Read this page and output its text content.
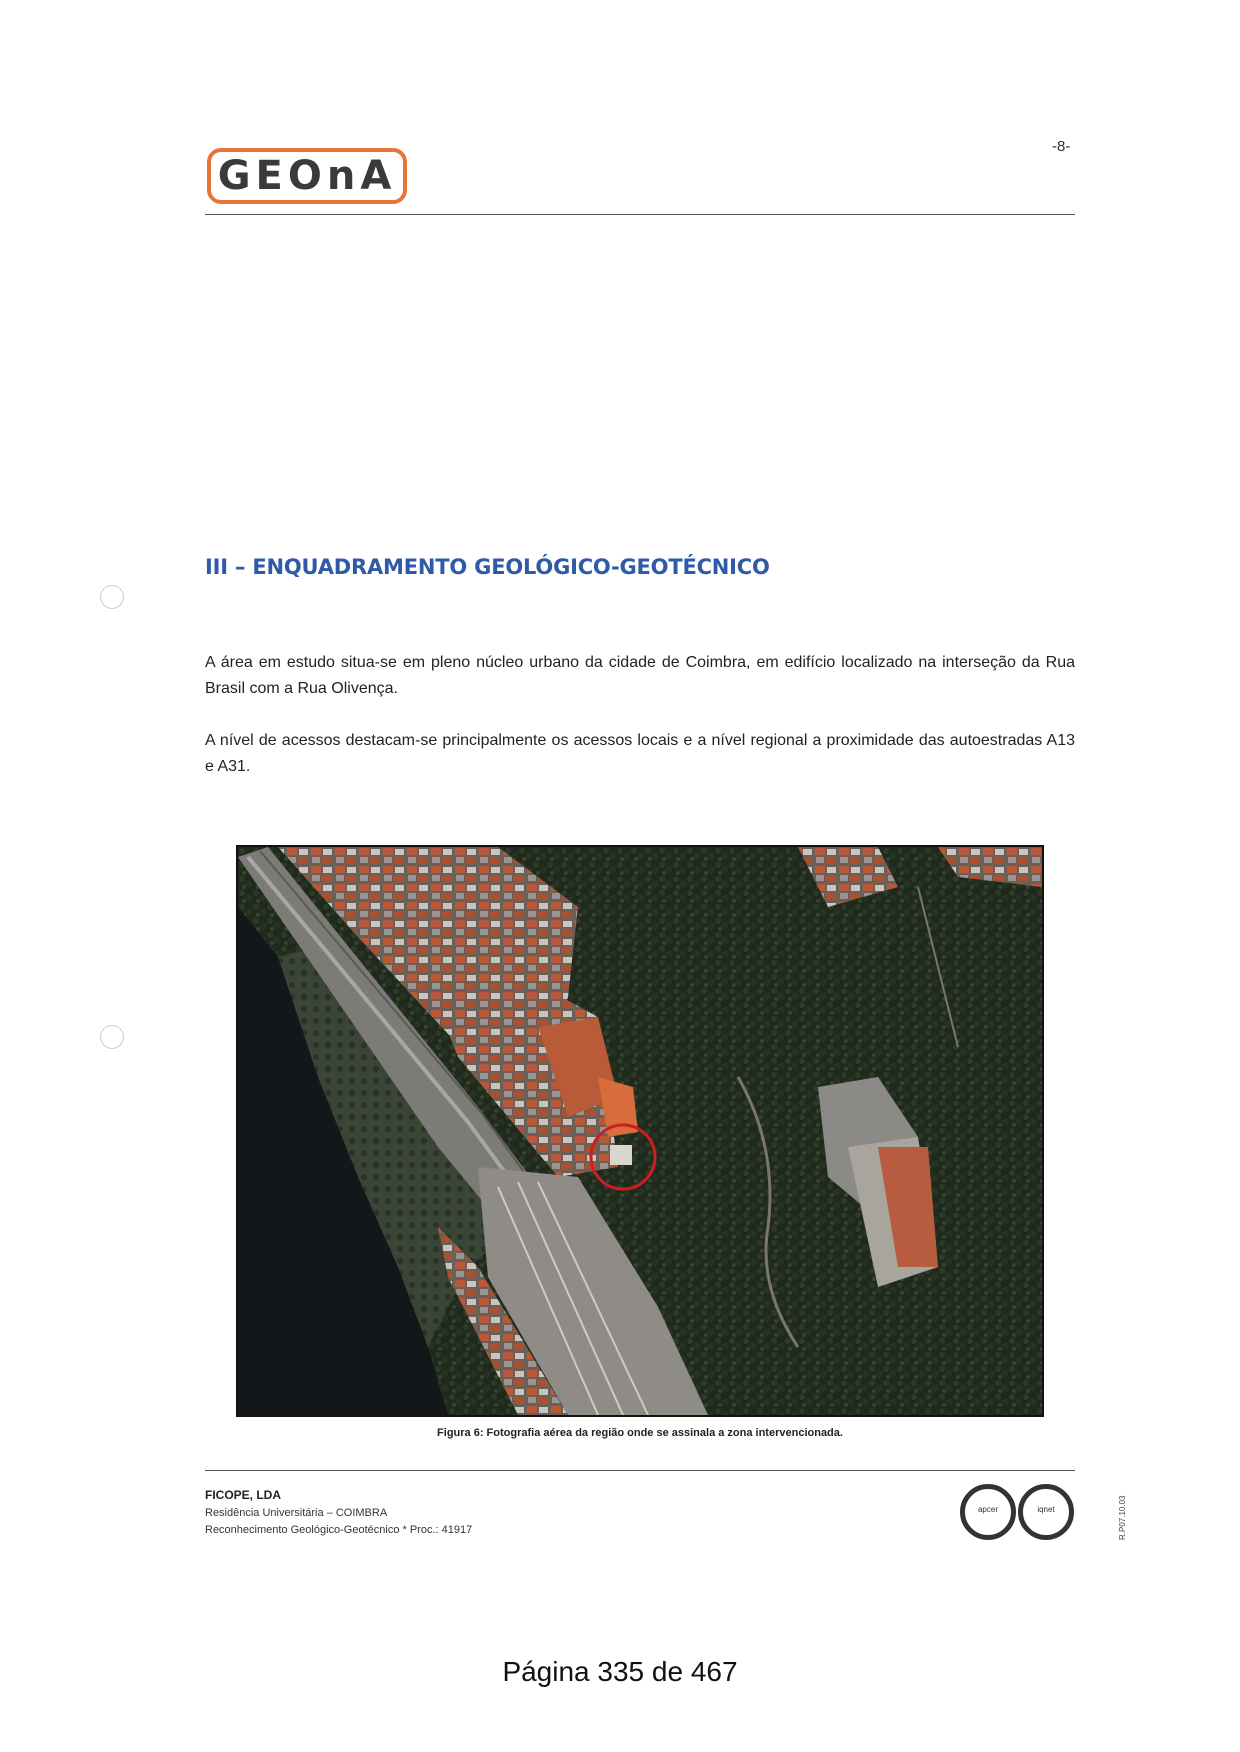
GEOnA
-8-
III – ENQUADRAMENTO GEOLÓGICO-GEOTÉCNICO

A área em estudo situa-se em pleno núcleo urbano da cidade de Coimbra, em edifício localizado na interseção da Rua Brasil com a Rua Olivença.

A nível de acessos destacam-se principalmente os acessos locais e a nível regional a proximidade das autoestradas A13 e A31.

Figura 6: Fotografia aérea da região onde se assinala a zona intervencionada.
FICOPE, LDA
Residência Universitária – COIMBRA
Reconhecimento Geológico-Geotécnico * Proc.: 41917
apcer	iqnet	R.P07.10.03
Página 335 de 467
